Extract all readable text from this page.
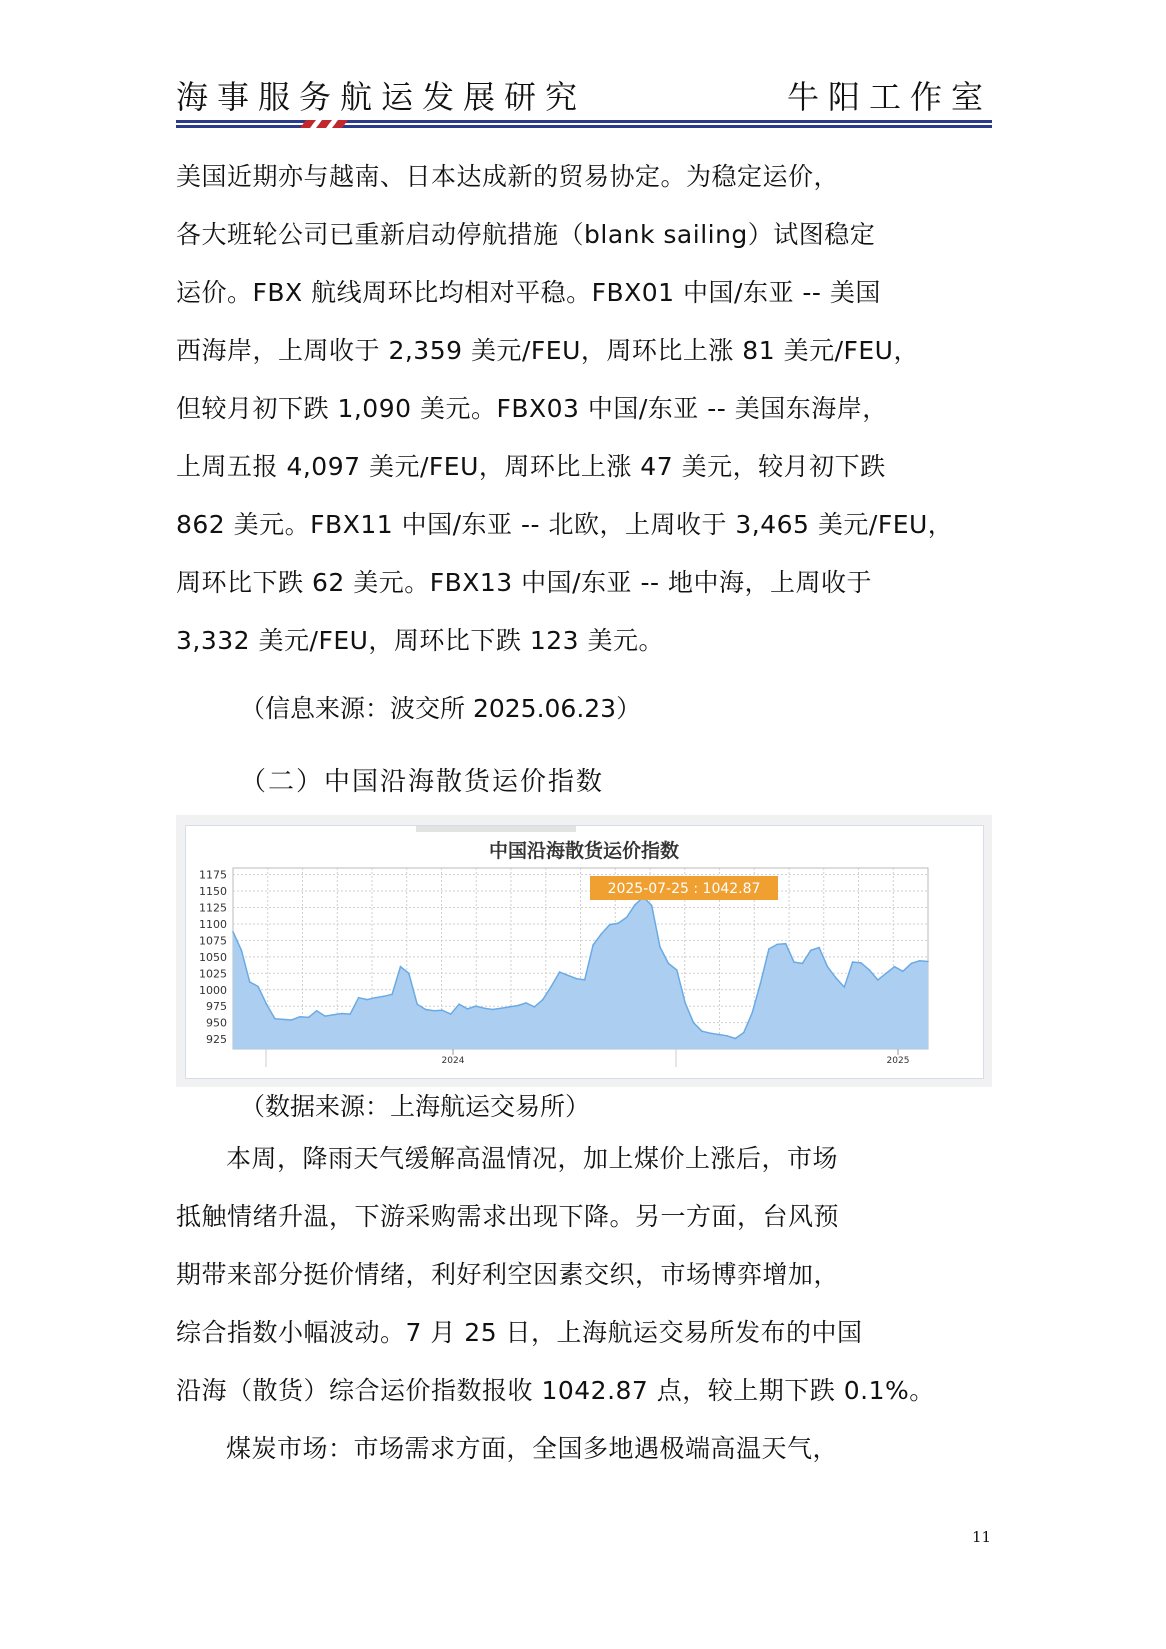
海事服务航运发展研究	牛阳工作室
美国近期亦与越南、日本达成新的贸易协定。为稳定运价，
各大班轮公司已重新启动停航措施（blank sailing）试图稳定
运价。FBX 航线周环比均相对平稳。FBX01 中国/东亚 -- 美国
西海岸，上周收于 2,359 美元/FEU，周环比上涨 81 美元/FEU，
但较月初下跌 1,090 美元。FBX03 中国/东亚 -- 美国东海岸，
上周五报 4,097 美元/FEU，周环比上涨 47 美元，较月初下跌
862 美元。FBX11 中国/东亚 -- 北欧，上周收于 3,465 美元/FEU，
周环比下跌 62 美元。FBX13 中国/东亚 -- 地中海，上周收于
3,332 美元/FEU，周环比下跌 123 美元。
（信息来源：波交所 2025.06.23）
（二）中国沿海散货运价指数
中国沿海散货运价指数
925
950
975
1000
1025
1050
1075
1100
1125
1150
1175
2024	2025
2025-07-25 : 1042.87
（数据来源：上海航运交易所）
本周，降雨天气缓解高温情况，加上煤价上涨后，市场
抵触情绪升温，下游采购需求出现下降。另一方面，台风预
期带来部分挺价情绪，利好利空因素交织，市场博弈增加，
综合指数小幅波动。7 月 25 日，上海航运交易所发布的中国
沿海（散货）综合运价指数报收 1042.87 点，较上期下跌 0.1%。
煤炭市场：市场需求方面，全国多地遇极端高温天气，
11
